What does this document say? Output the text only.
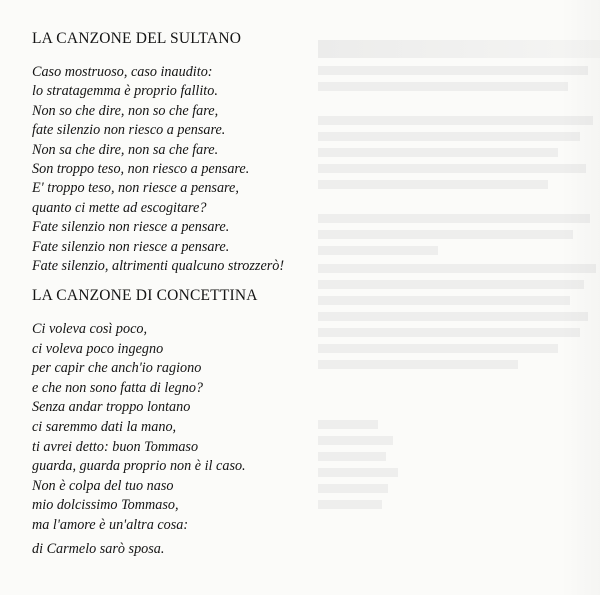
LA CANZONE DEL SULTANO
Caso mostruoso, caso inaudito:
lo stratagemma è proprio fallito.
Non so che dire, non so che fare,
fate silenzio non riesco a pensare.
Non sa che dire, non sa che fare.
Son troppo teso, non riesco a pensare.
E' troppo teso, non riesce a pensare,
quanto ci mette ad escogitare?
Fate silenzio non riesce a pensare.
Fate silenzio non riesce a pensare.
Fate silenzio, altrimenti qualcuno strozzerò!
LA CANZONE DI CONCETTINA
Ci voleva così poco,
ci voleva poco ingegno
per capir che anch'io ragiono
e che non sono fatta di legno?
Senza andar troppo lontano
ci saremmo dati la mano,
ti avrei detto: buon Tommaso
guarda, guarda proprio non è il caso.
Non è colpa del tuo naso
mio dolcissimo Tommaso,
ma l'amore è un'altra cosa:
di Carmelo sarò sposa.
